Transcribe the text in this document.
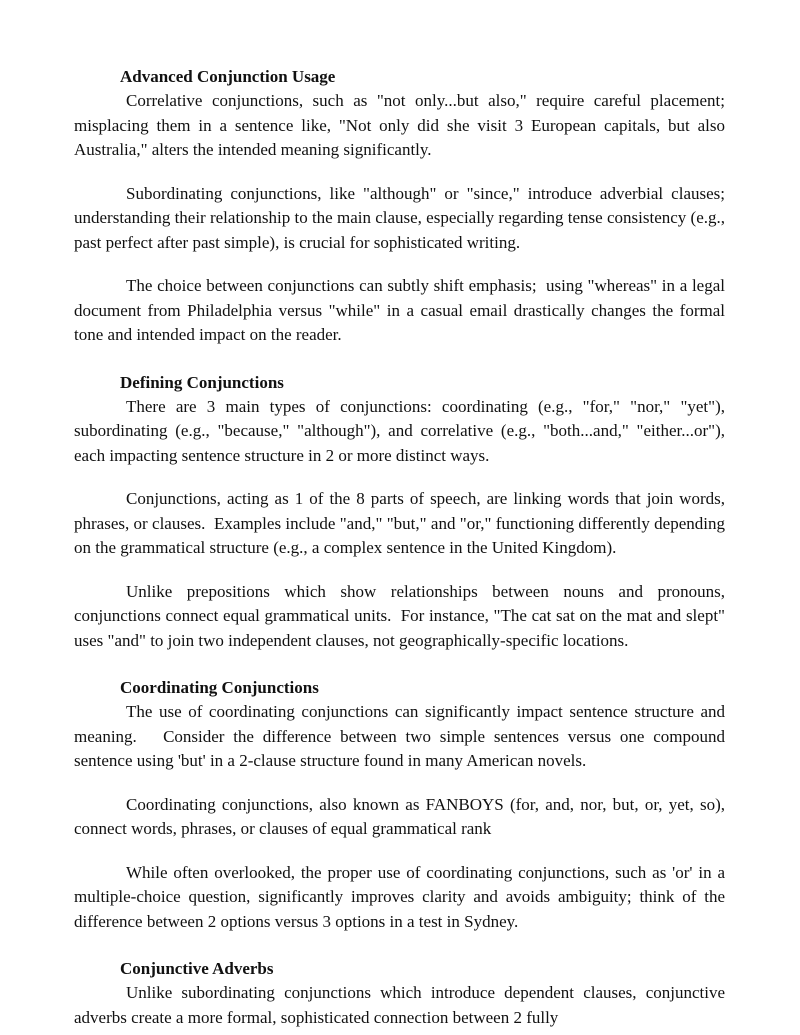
Advanced Conjunction Usage

Correlative conjunctions, such as "not only...but also," require careful placement; misplacing them in a sentence like, "Not only did she visit 3 European capitals, but also Australia," alters the intended meaning significantly.

Subordinating conjunctions, like "although" or "since," introduce adverbial clauses;  understanding their relationship to the main clause, especially regarding tense consistency (e.g., past perfect after past simple), is crucial for sophisticated writing.

The choice between conjunctions can subtly shift emphasis;  using "whereas" in a legal document from Philadelphia versus "while" in a casual email drastically changes the formal tone and intended impact on the reader.

Defining Conjunctions

There are 3 main types of conjunctions: coordinating (e.g., "for," "nor," "yet"), subordinating (e.g., "because," "although"), and correlative (e.g., "both...and," "either...or"), each impacting sentence structure in 2 or more distinct ways.

Conjunctions, acting as 1 of the 8 parts of speech, are linking words that join words, phrases, or clauses.  Examples include "and," "but," and "or," functioning differently depending on the grammatical structure (e.g., a complex sentence in the United Kingdom).

Unlike prepositions which show relationships between nouns and pronouns, conjunctions connect equal grammatical units.  For instance, "The cat sat on the mat and slept" uses "and" to join two independent clauses, not geographically-specific locations.

Coordinating Conjunctions

The use of coordinating conjunctions can significantly impact sentence structure and meaning.   Consider the difference between two simple sentences versus one compound sentence using 'but' in a 2-clause structure found in many American novels.

Coordinating conjunctions, also known as FANBOYS (for, and, nor, but, or, yet, so),  connect words, phrases, or clauses of equal grammatical rank

While often overlooked, the proper use of coordinating conjunctions, such as 'or' in a multiple-choice question, significantly improves clarity and avoids ambiguity; think of the difference between 2 options versus 3 options in a test in Sydney.

Conjunctive Adverbs

Unlike subordinating conjunctions which introduce dependent clauses, conjunctive adverbs create a more formal, sophisticated connection between 2 fully
